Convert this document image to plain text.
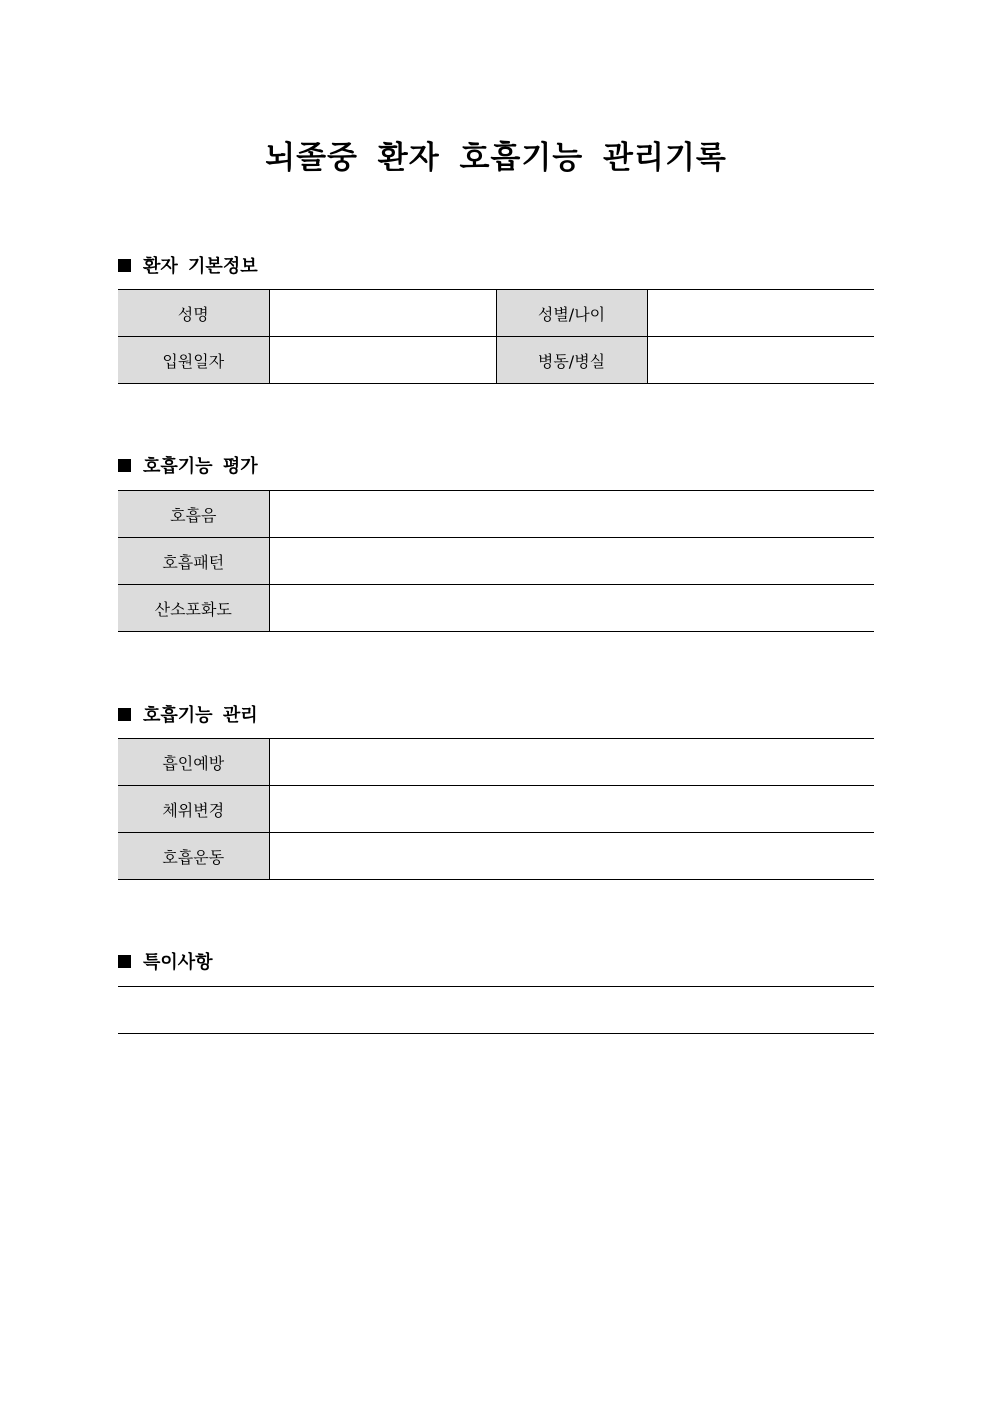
뇌졸중 환자 호흡기능 관리기록
환자 기본정보
성명		성별/나이	
입원일자		병동/병실	
호흡기능 평가
호흡음	
호흡패턴	
산소포화도	
호흡기능 관리
흡인예방	
체위변경	
호흡운동	
특이사항
